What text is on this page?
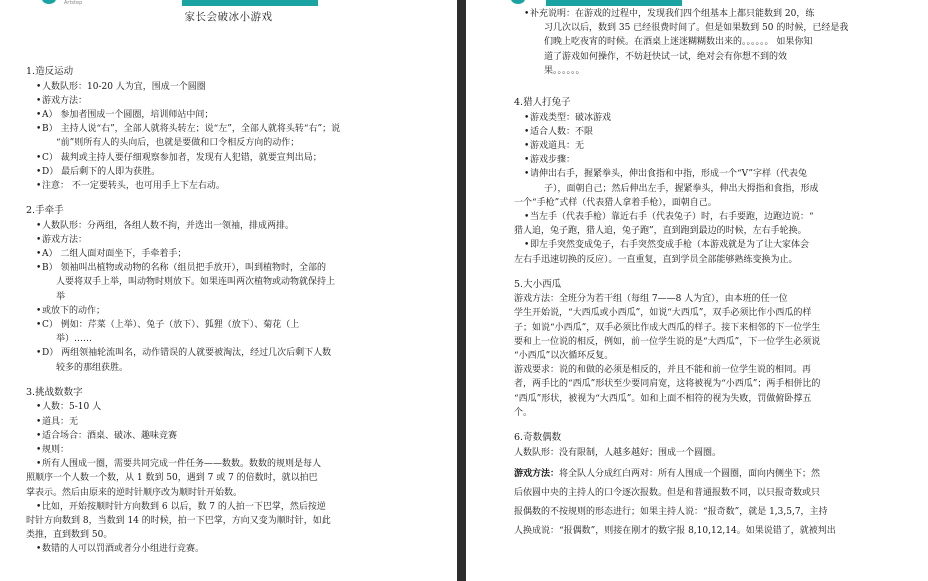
Artstep
家长会破冰小游戏

1.造反运动

• 人数队形：10-20 人为宜，围成一个圆圈

• 游戏方法：

• A） 参加者围成一个圆圈，培训师站中间；

• B） 主持人说“右”，全部人就将头转左；说“左”，全部人就将头转“右”；说

“前”则所有人的头向后，也就是要做和口令相反方向的动作；

• C） 裁判或主持人要仔细观察参加者，发现有人犯错，就要宣判出局；

• D） 最后剩下的人即为获胜。

• 注意： 不一定要转头，也可用手上下左右动。

2.手牵手

• 人数队形：分两组，各组人数不拘，并选出一领袖，排成两排。

• 游戏方法：

• A） 二组人面对面坐下，手牵着手；

• B） 领袖叫出植物或动物的名称（组员把手放开），叫到植物时，全部的

人要将双手上举，叫动物时则放下。如果连叫两次植物或动物就保持上

举

• 或放下的动作；

• C） 例如：芹菜（上举）、兔子（放下）、狐狸（放下）、菊花（上

举）……

• D） 两组领袖轮流叫名，动作错误的人就要被淘汰，经过几次后剩下人数

较多的那组获胜。

3.挑战数数字

• 人数：5-10 人

• 道具：无

• 适合场合：酒桌、破冰、趣味竞赛

• 规则：

• 所有人围成一圈，需要共同完成一件任务——数数。数数的规则是每人

照顺序一个人数一个数，从 1 数到 50，遇到 7 或 7 的倍数时，就以拍巴

掌表示。然后由原来的逆时针顺序改为顺时针开始数。

• 比如，开始按顺时针方向数到 6 以后，数 7 的人拍一下巴掌，然后按逆

时针方向数到 8，当数到 14 的时候，拍一下巴掌，方向又变为顺时针，如此

类推，直到数到 50。

• 数错的人可以罚酒或者分小组进行竞赛。

• 补充说明：在游戏的过程中，发现我们四个组基本上都只能数到 20，练

习几次以后，数到 35 已经很费时间了。但是如果数到 50 的时候，已经是我

们晚上吃夜宵的时候。在酒桌上迷迷糊糊数出来的。。。。。。 如果你知

道了游戏如何操作，不妨赶快试一试，绝对会有你想不到的效

果。。。。。。

4.猎人打兔子

• 游戏类型：破冰游戏

• 适合人数：不限

• 游戏道具：无

• 游戏步骤：

• 请伸出右手，握紧拳头，伸出食指和中指，形成一个“V”字样（代表兔

子），面朝自己；然后伸出左手，握紧拳头，伸出大拇指和食指，形成

一个“手枪”式样（代表猎人拿着手枪），面朝自己。

• 当左手（代表手枪）靠近右手（代表兔子）时，右手要跑，边跑边说：“

猎人追，兔子跑，猎人追，兔子跑”，直到跑到最边的时候，左右手轮换。

• 即左手突然变成兔子，右手突然变成手枪（本游戏就是为了让大家体会

左右手迅速切换的反应）。一直重复，直到学员全部能够熟练变换为止。

5.大小西瓜

游戏方法：全班分为若干组（每组 7——8 人为宜），由本班的任一位

学生开始说，“大西瓜或小西瓜”，如说“大西瓜”，双手必须比作小西瓜的样

子；如说“小西瓜”，双手必须比作成大西瓜的样子。接下来相邻的下一位学生

要和上一位说的相反，例如，前一位学生说的是“大西瓜”，下一位学生必须说

“小西瓜”以次循环反复。

游戏要求：说的和做的必须是相反的，并且不能和前一位学生说的相同。再

者，两手比的“西瓜”形状至少要同肩宽，这将被视为“小西瓜”；两手相併比的

“西瓜”形状，被视为“大西瓜”。如和上面不相符的视为失败，罚做俯卧撑五

个。

6.奇数偶数

人数队形：没有限制，人越多越好；围成一个圆圈。

游戏方法：将全队人分成红白两对：所有人围成一个圆圈，面向内侧坐下；然

后依圆中央的主持人的口令逐次报数。但是和普通报数不同，以只报奇数或只

报偶数的不按规则的形态进行；如果主持人说：“报奇数”，就是 1,3,5,7，主持

人换成说：“报偶数”，则接在刚才的数字报 8,10,12,14。如果说错了，就被判出
